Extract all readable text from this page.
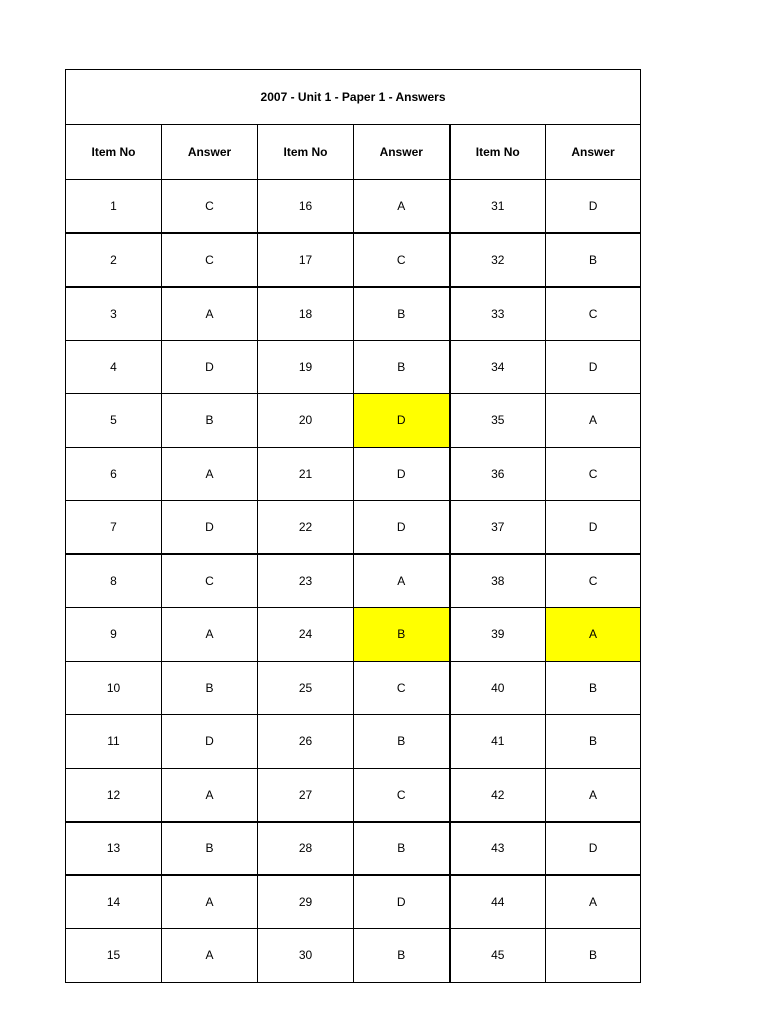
2007 - Unit 1 - Paper 1 - Answers					
Item No	Answer	Item No	Answer	Item No	Answer
1	C	16	A	31	D
2	C	17	C	32	B
3	A	18	B	33	C
4	D	19	B	34	D
5	B	20	D	35	A
6	A	21	D	36	C
7	D	22	D	37	D
8	C	23	A	38	C
9	A	24	B	39	A
10	B	25	C	40	B
11	D	26	B	41	B
12	A	27	C	42	A
13	B	28	B	43	D
14	A	29	D	44	A
15	A	30	B	45	B
